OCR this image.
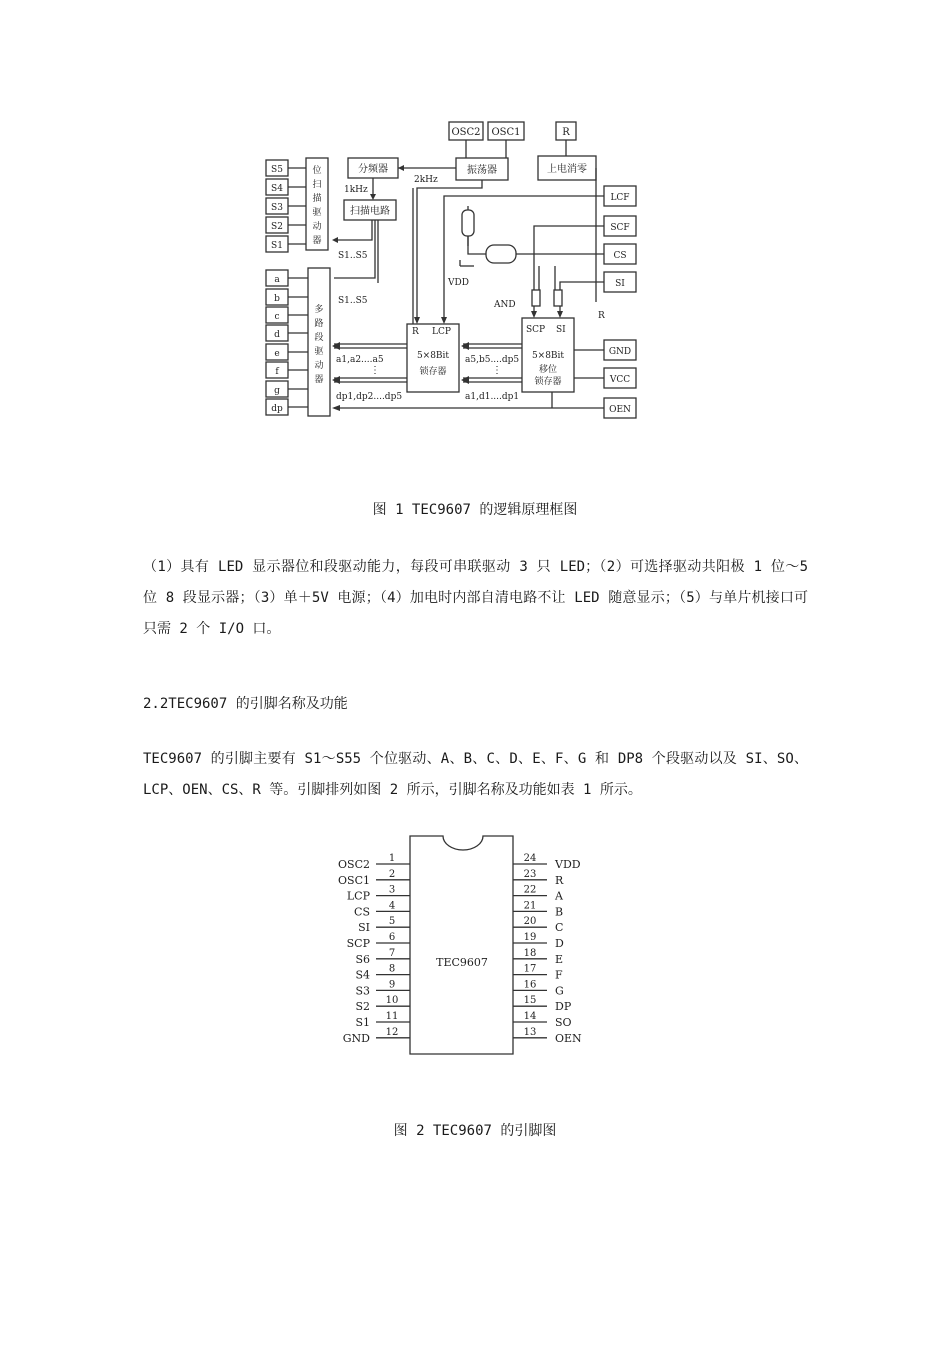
OSC2 OSC1	R
分频器	振荡器	上电消零
2kHz
1kHz
扫描电路
S1..S5
S1..S5
位
扫
描
驱
动
器
S5
S4
S3
S2
S1
多
路
段
驱
动
器
a
b
c
d
e
f
g
dp
R LCP
5×8Bit
锁存器
SCP SI
5×8Bit
移位
锁存器
a1,a2....a5
⋮
dp1,dp2....dp5
a5,b5....dp5
⋮
a1,d1....dp1
LCF
SCF
CS
SI
GND
VCC
OEN
VDD
AND
R
图 1 TEC9607 的逻辑原理框图
（1）具有 LED 显示器位和段驱动能力，每段可串联驱动 3 只 LED；（2）可选择驱动共阳极 1 位～5 位 8 段显示器；（3）单＋5V 电源；（4）加电时内部自清电路不让 LED 随意显示；（5）与单片机接口可只需 2 个 I/O 口。
2.2TEC9607 的引脚名称及功能
TEC9607 的引脚主要有 S1～S55 个位驱动、A、B、C、D、E、F、G 和 DP8 个段驱动以及 SI、SO、LCP、OEN、CS、R 等。引脚排列如图 2 所示，引脚名称及功能如表 1 所示。
TEC9607
1
OSC2
2
OSC1
3
LCP
4
CS
5
SI
6
SCP
7
S6
8
S4
9
S3
10
S2
11
S1
12
GND
24 VDD
23 R
22 A
21 B
20 C
19 D
18 E
17 F
16 G
15 DP
14 SO
13 OEN
图 2 TEC9607 的引脚图
